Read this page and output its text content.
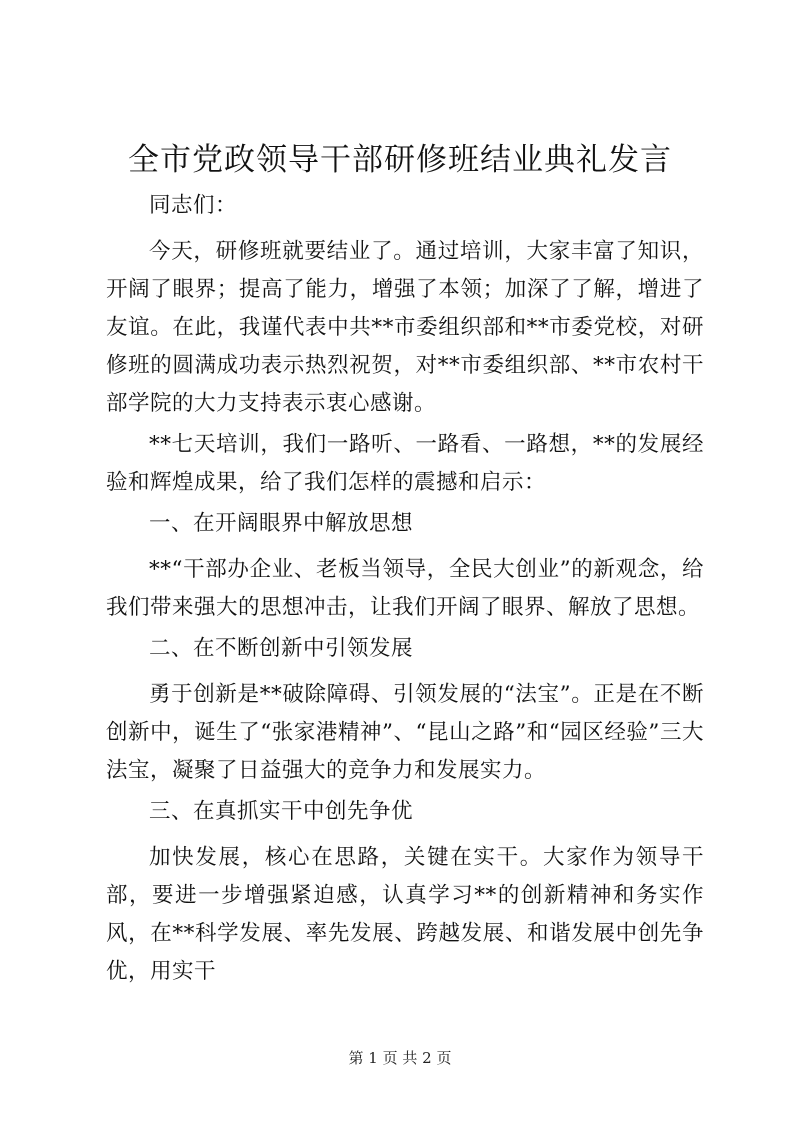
全市党政领导干部研修班结业典礼发言

同志们：

今天，研修班就要结业了。通过培训，大家丰富了知识，开阔了眼界；提高了能力，增强了本领；加深了了解，增进了友谊。在此，我谨代表中共**市委组织部和**市委党校，对研修班的圆满成功表示热烈祝贺，对**市委组织部、**市农村干部学院的大力支持表示衷心感谢。

**七天培训，我们一路听、一路看、一路想，**的发展经验和辉煌成果，给了我们怎样的震撼和启示：

一、在开阔眼界中解放思想

**“干部办企业、老板当领导，全民大创业”的新观念，给我们带来强大的思想冲击，让我们开阔了眼界、解放了思想。

二、在不断创新中引领发展

勇于创新是**破除障碍、引领发展的“法宝”。正是在不断创新中，诞生了“张家港精神”、“昆山之路”和“园区经验”三大法宝，凝聚了日益强大的竞争力和发展实力。

三、在真抓实干中创先争优

加快发展，核心在思路，关键在实干。大家作为领导干部，要进一步增强紧迫感，认真学习**的创新精神和务实作风，在**科学发展、率先发展、跨越发展、和谐发展中创先争优，用实干

第 1 页 共 2 页
